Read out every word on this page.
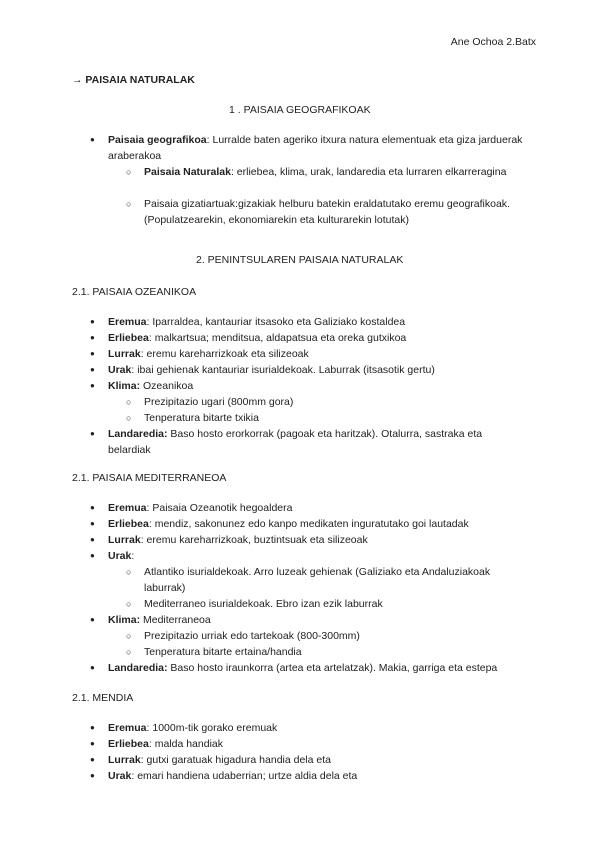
Ane Ochoa 2.Batx
→ PAISAIA NATURALAK
1 . PAISAIA GEOGRAFIKOAK
● Paisaia geografikoa: Lurralde baten ageriko itxura natura elementuak eta giza jarduerak araberakoa
○ Paisaia Naturalak: erliebea, klima, urak, landaredia eta lurraren elkarreragina
○ Paisaia gizatiartuak:gizakiak helburu batekin eraldatutako eremu geografikoak. (Populatzearekin, ekonomiarekin eta kulturarekin lotutak)
2. PENINTSULAREN PAISAIA NATURALAK
2.1. PAISAIA OZEANIKOA
● Eremua: Iparraldea, kantauriar itsasoko eta Galiziako kostaldea
● Erliebea: malkartsua; menditsua, aldapatsua eta oreka gutxikoa
● Lurrak: eremu kareharrizkoak eta silizeoak
● Urak: ibai gehienak kantauriar isurialdekoak. Laburrak (itsasotik gertu)
● Klima: Ozeanikoa
○ Prezipitazio ugari (800mm gora)
○ Tenperatura bitarte txikia
● Landaredia: Baso hosto erorkorrak (pagoak eta haritzak). Otalurra, sastraka eta belardiak
2.1. PAISAIA MEDITERRANEOA
● Eremua: Paisaia Ozeanotik hegoaldera
● Erliebea: mendiz, sakonunez edo kanpo medikaten inguratutako goi lautadak
● Lurrak: eremu kareharrizkoak, buztintsuak eta silizeoak
● Urak:
○ Atlantiko isurialdekoak. Arro luzeak gehienak (Galiziako eta Andaluziakoak laburrak)
○ Mediterraneo isurialdekoak. Ebro izan ezik laburrak
● Klima: Mediterraneoa
○ Prezipitazio urriak edo tartekoak (800-300mm)
○ Tenperatura bitarte ertaina/handia
● Landaredia: Baso hosto iraunkorra (artea eta artelatzak). Makia, garriga eta estepa
2.1. MENDIA
● Eremua: 1000m-tik gorako eremuak
● Erliebea: malda handiak
● Lurrak: gutxi garatuak higadura handia dela eta
● Urak: emari handiena udaberrian; urtze aldia dela eta
